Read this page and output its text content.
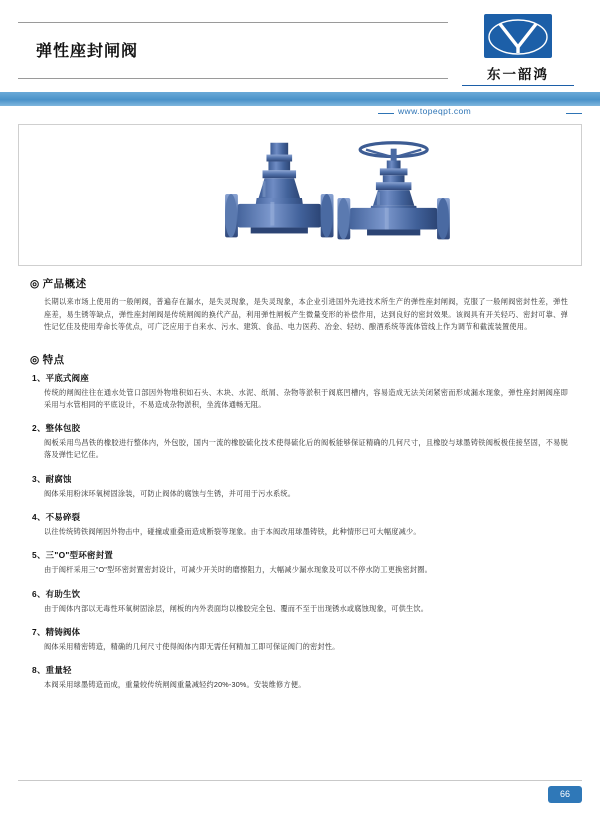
弹性座封闸阀
®
东一韶鸿
www.topeqpt.com
◎ 产品概述

长期以来市场上使用的一般闸阀，普遍存在漏水，是失灵现象，是失灵现象，本企业引进国外先进技术所生产的弹性座封闸阀，克服了一般闸阀密封性差，弹性座差，易生锈等缺点，弹性座封闸阀是传统闸阀的换代产品，利用弹性闸板产生微量变形的补偿作用，达到良好的密封效果。该阀具有开关轻巧、密封可靠、弹性记忆佳及使用寿命长等优点，可广泛应用于自来水、污水、建筑、食品、电力医药、冶金、轻纺、酿酒系统等流体管线上作为调节和截流装置使用。

◎ 特点
1、平底式阀座

传统的闸阀往往在通水处管口部因外物堆积如石头、木块、水泥、纸屑、杂物等淤积于阀底凹槽内，容易造成无法关闭紧密而形成漏水现象，弹性座封闸阀座即采用与水管相同的平底设计，不易造成杂物淤积，坐流体通畅无阻。

2、整体包胶

阀板采用鸟昌铁的橡胶进行整体内，外包胶，国内一流的橡胶硫化技术使得硫化后的阀板能够保证精确的几何尺寸，且橡胶与球墨铸铁阀板极佳接坚固，不易脱落及弹性记忆佳。

3、耐腐蚀

阀体采用粉沫环氧树固涂装，可防止阀体的腐蚀与生锈，并可用于污水系统。

4、不易碎裂

以往传统铸铁阀闸因外物击中，碰撞或重叠而造成断裂等现象。由于本阀改用球墨铸铁，此种情形已可大幅度减少。

5、三"O"型环密封置

由于阀杆采用三"O"型环密封置密封设计，可减少开关时的磨擦阻力，大幅减少漏水现象及可以不停水防工更换密封圈。

6、有助生饮

由于阀体内部以无毒性环氧树固涂层，闸板的内外表面均以橡胶完全包、覆而不至于出现锈水或腐蚀现象，可供生饮。

7、精铸阀体

阀体采用精密铸造，精确的几何尺寸使得阀体内即无需任何精加工即可保证阀门的密封性。

8、重量轻

本阀采用球墨铸造而成，重量较传统闸阀重量减轻约20%-30%。安装维修方便。

66
